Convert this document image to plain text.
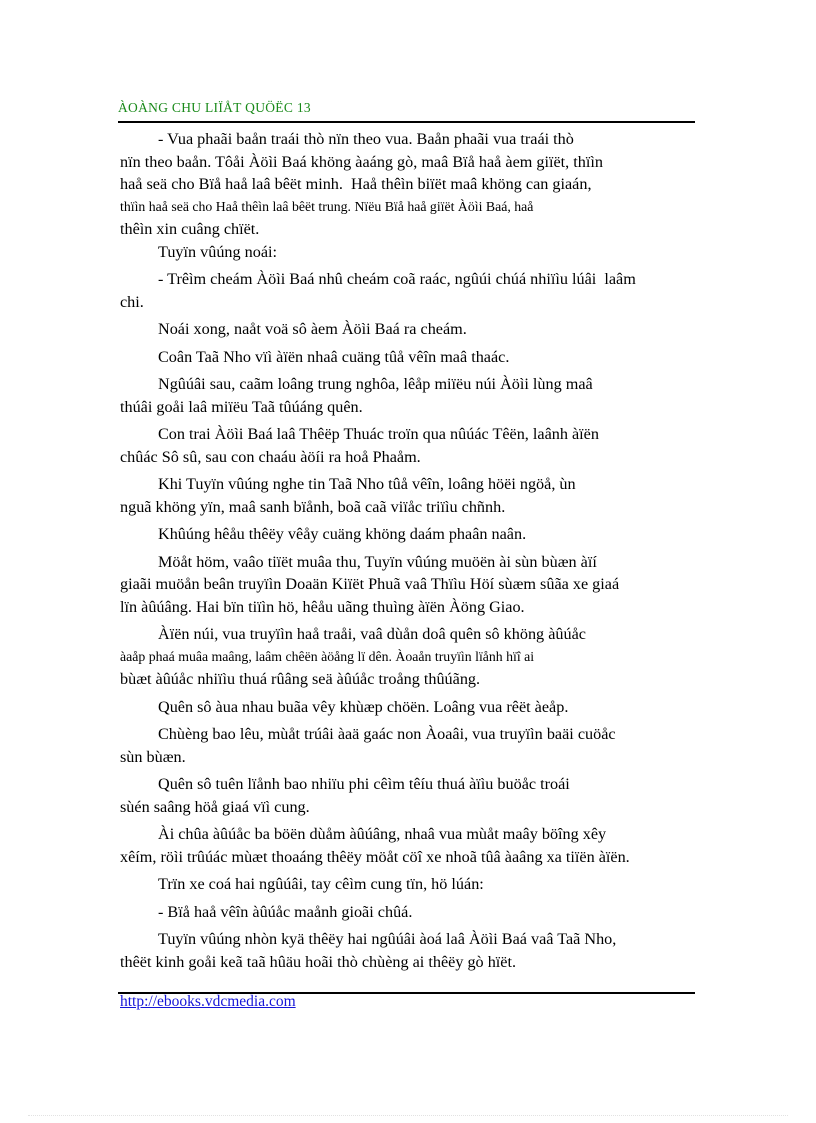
ÀOÀNG CHU LIÏÅT QUÖËC 13
- Vua phaãi baån traái thò nïn theo vua. Baån phaãi vua traái thò
nïn theo baån. Tôåi Àöìi Baá khöng àaáng gò, maâ Bïå haå àem giïët, thïìn
haå seä cho Bïå haå laâ bêët minh.  Haå thêìn biïët maâ khöng can giaán,
thïìn haå seä cho Haå thêìn laâ bêët trung. Nïëu Bïå haå giïët Àöìi Baá, haå
thêìn xin cuâng chïët.
Tuyïn vûúng noái:
- Trêìm cheám Àöìi Baá nhû cheám coã raác, ngûúi chúá nhiïìu lúâi  laâm
chi.
Noái xong, naåt voä sô àem Àöìi Baá ra cheám.
Coân Taã Nho vïì àïën nhaâ cuäng tûå vêîn maâ thaác.
Ngûúâi sau, caãm loâng trung nghôa, lêåp miïëu núi Àöìi lùng maâ
thúâi goåi laâ miïëu Taã tûúáng quên.
Con trai Àöìi Baá laâ Thêëp Thuác troïn qua nûúác Têën, laânh àïën
chûác Sô sû, sau con chaáu àöíi ra hoå Phaåm.
Khi Tuyïn vûúng nghe tin Taã Nho tûå vêîn, loâng höëi ngöå, ùn
nguã khöng yïn, maâ sanh bïånh, boã caã viïåc triïìu chñnh.
Khûúng hêåu thêëy vêåy cuäng khöng daám phaân naân.
Möåt höm, vaâo tiïët muâa thu, Tuyïn vûúng muöën ài sùn bùæn àïí
giaãi muöån beân truyïìn Doaän Kiïët Phuã vaâ Thïìu Höí sùæm sûãa xe giaá
lïn àûúâng. Hai bïn tiïìn hö, hêåu uãng thuìng àïën Àöng Giao.
Àïën núi, vua truyïìn haå traåi, vaâ dùån doâ quên sô khöng àûúåc
àaåp phaá muâa maâng, laâm chêën àöång lï dên. Àoaån truyïìn lïånh hïî ai
bùæt àûúåc nhiïìu thuá rûâng seä àûúåc troång thûúãng.
Quên sô àua nhau buãa vêy khùæp chöën. Loâng vua rêët àeåp.
Chùèng bao lêu, mùåt trúâi àaä gaác non Àoaâi, vua truyïìn baäi cuöåc
sùn bùæn.
Quên sô tuên lïånh bao nhiïu phi cêìm têíu thuá àïìu buöåc troái
sùén saâng höå giaá vïì cung.
Ài chûa àûúåc ba böën dùåm àûúâng, nhaâ vua mùåt maây böîng xêy
xêím, röìi trûúác mùæt thoaáng thêëy möåt cöî xe nhoã tûâ àaâng xa tiïën àïën.
Trïn xe coá hai ngûúâi, tay cêìm cung tïn, hö lúán:
- Bïå haå vêîn àûúåc maånh gioãi chûá.
Tuyïn vûúng nhòn kyä thêëy hai ngûúâi àoá laâ Àöìi Baá vaâ Taã Nho,
thêët kinh goåi keã taã hûäu hoãi thò chùèng ai thêëy gò hïët.
http://ebooks.vdcmedia.com
